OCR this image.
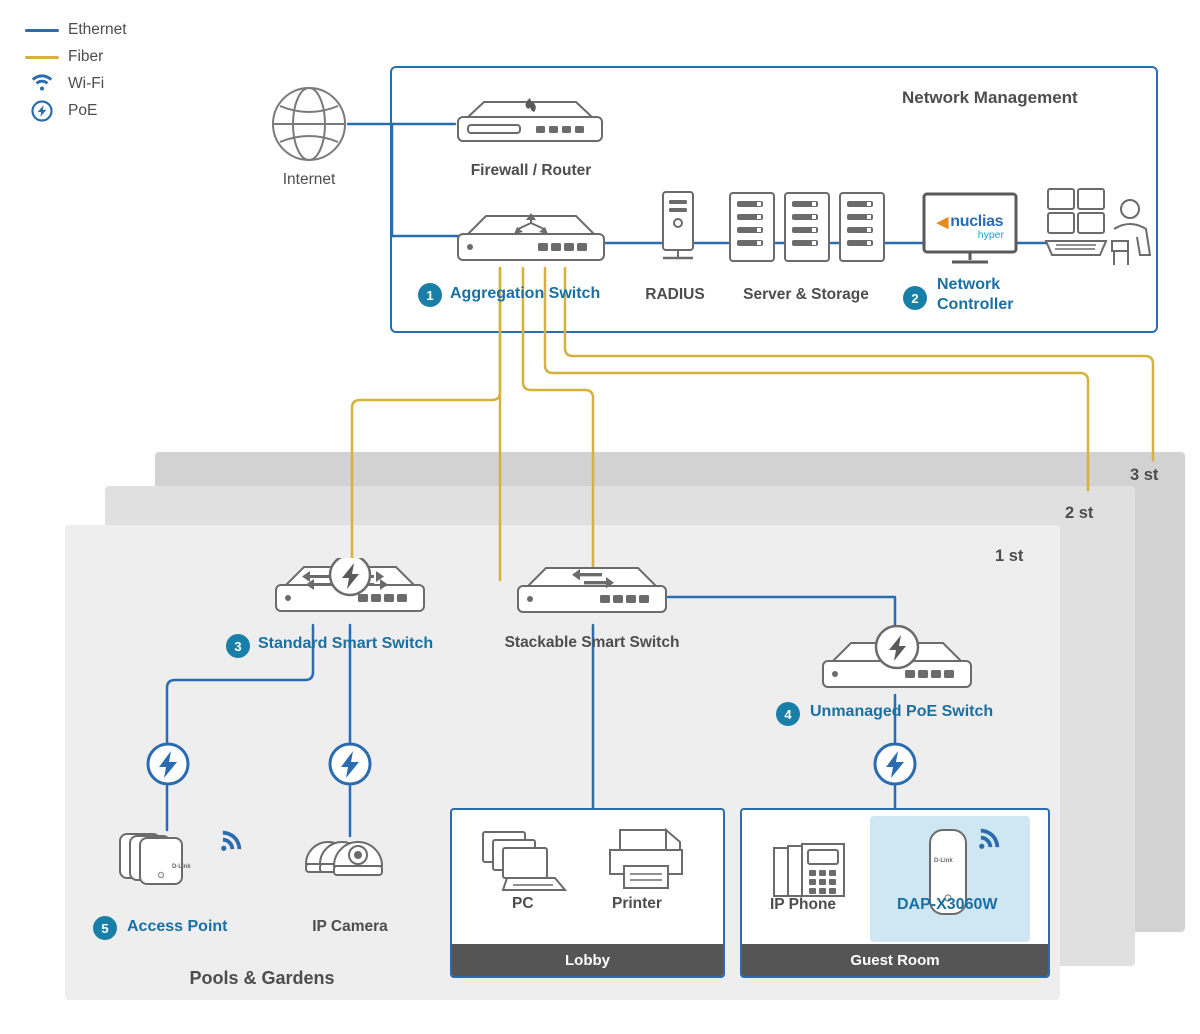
3 st
2 st
1 st
Network Management
Ethernet
Fiber
Wi-Fi
PoE
Internet
Firewall / Router
1	Aggregation Switch	RADIUS Server & Storage
◀ nuclias
hyper
2
Network
Controller
3	Standard Smart Switch	Stackable Smart Switch
4	Unmanaged PoE Switch
D-Link
5	Access Point	IP Camera
PC	Printer
Lobby
IP Phone
D-Link
DAP-X3060W
Guest Room
Pools & Gardens
